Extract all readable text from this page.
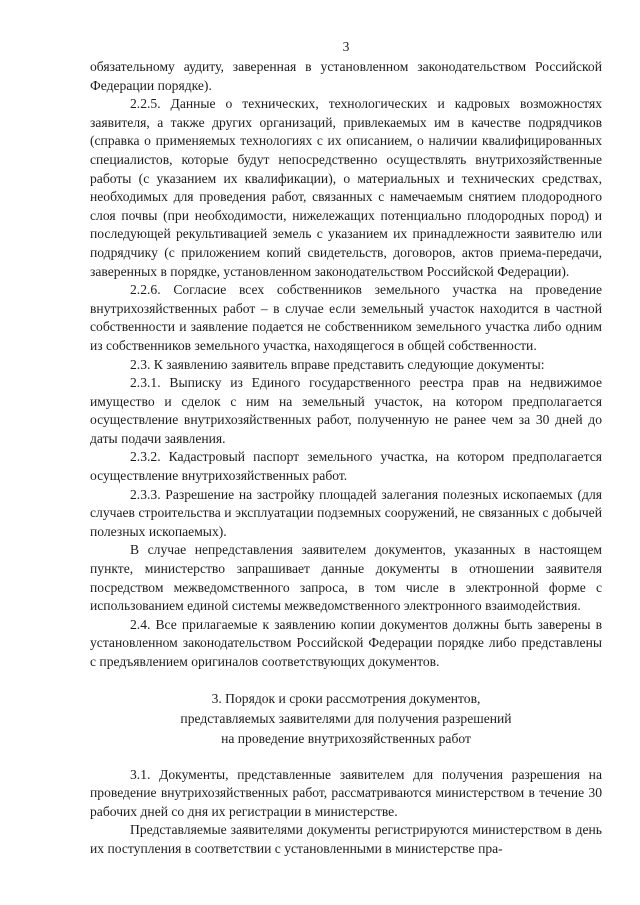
3

обязательному аудиту, заверенная в установленном законодательством Российской Федерации порядке).

2.2.5. Данные о технических, технологических и кадровых возможностях заявителя, а также других организаций, привлекаемых им в качестве подрядчиков (справка о применяемых технологиях с их описанием, о наличии квалифицированных специалистов, которые будут непосредственно осуществлять внутрихозяйственные работы (с указанием их квалификации), о материальных и технических средствах, необходимых для проведения работ, связанных с намечаемым снятием плодородного слоя почвы (при необходимости, нижележащих потенциально плодородных пород) и последующей рекультивацией земель с указанием их принадлежности заявителю или подрядчику (с приложением копий свидетельств, договоров, актов приема-передачи, заверенных в порядке, установленном законодательством Российской Федерации).

2.2.6. Согласие всех собственников земельного участка на проведение внутрихозяйственных работ – в случае если земельный участок находится в частной собственности и заявление подается не собственником земельного участка либо одним из собственников земельного участка, находящегося в общей собственности.

2.3. К заявлению заявитель вправе представить следующие документы:

2.3.1. Выписку из Единого государственного реестра прав на недвижимое имущество и сделок с ним на земельный участок, на котором предполагается осуществление внутрихозяйственных работ, полученную не ранее чем за 30 дней до даты подачи заявления.

2.3.2. Кадастровый паспорт земельного участка, на котором предполагается осуществление внутрихозяйственных работ.

2.3.3. Разрешение на застройку площадей залегания полезных ископаемых (для случаев строительства и эксплуатации подземных сооружений, не связанных с добычей полезных ископаемых).

В случае непредставления заявителем документов, указанных в настоящем пункте, министерство запрашивает данные документы в отношении заявителя посредством межведомственного запроса, в том числе в электронной форме с использованием единой системы межведомственного электронного взаимодействия.

2.4. Все прилагаемые к заявлению копии документов должны быть заверены в установленном законодательством Российской Федерации порядке либо представлены с предъявлением оригиналов соответствующих документов.

3. Порядок и сроки рассмотрения документов,
представляемых заявителями для получения разрешений
на проведение внутрихозяйственных работ

3.1. Документы, представленные заявителем для получения разрешения на проведение внутрихозяйственных работ, рассматриваются министерством в течение 30 рабочих дней со дня их регистрации в министерстве.

Представляемые заявителями документы регистрируются министерством в день их поступления в соответствии с установленными в министерстве пра-
